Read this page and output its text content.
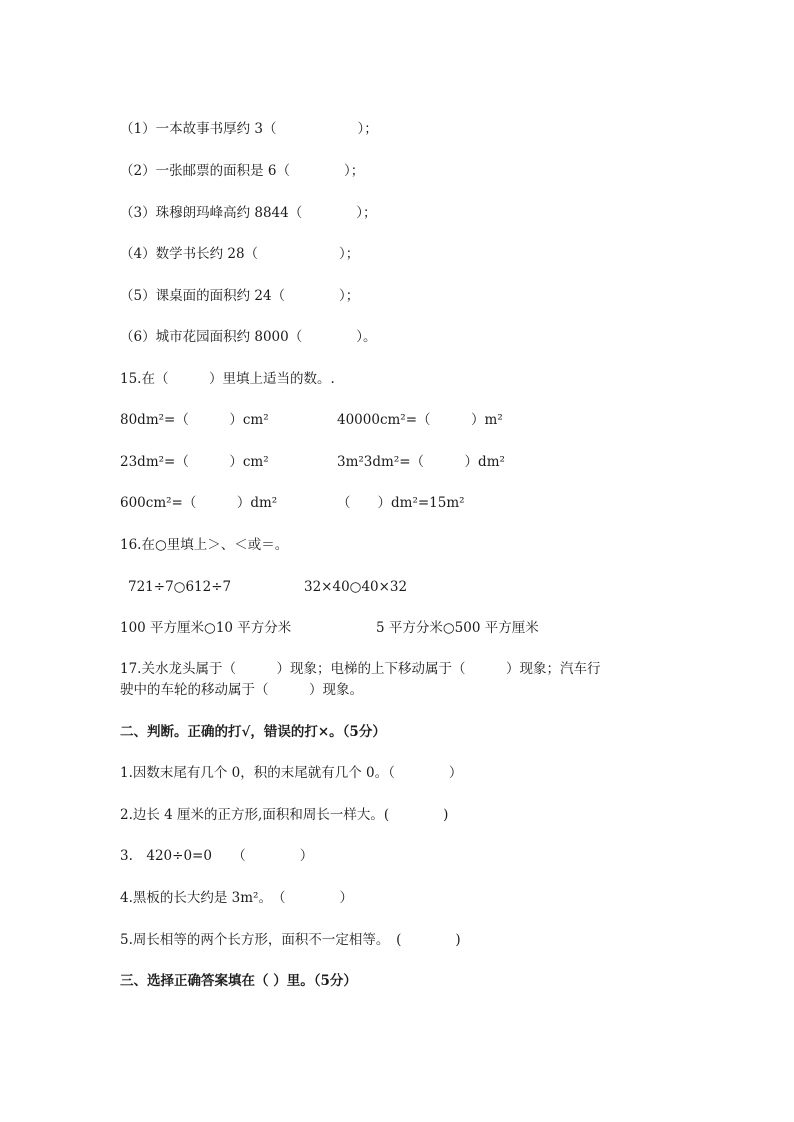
（1）一本故事书厚约 3（　　　　　　）；
（2）一张邮票的面积是 6（　　　　）；
（3）珠穆朗玛峰高约 8844（　　　　）；
（4）数学书长约 28（　　　　　　）；
（5）课桌面的面积约 24（　　　　）；
（6）城市花园面积约 8000（　　　　）。
15.在（　　　）里填上适当的数。.
80dm²=（　　　）cm²	40000cm²=（　　　）m²
23dm²=（　　　）cm²	3m²3dm²=（　　　）dm²
600cm²=（　　　）dm²	（　　）dm²=15m²
16.在○里填上＞、＜或＝。
721÷7○612÷7	32×40○40×32
100 平方厘米○10 平方分米	5 平方分米○500 平方厘米
17.关水龙头属于（　　　）现象；电梯的上下移动属于（　　　）现象；汽车行
驶中的车轮的移动属于（　　　）现象。
二、判断。正确的打√，错误的打×。（5分）
1.因数末尾有几个 0，积的末尾就有几个 0。（　　　　）
2.边长 4 厘米的正方形,面积和周长一样大。(　　　　)
3.　420÷0=0　　（　　　　）
4.黑板的长大约是 3m²。　（　　　　）
5.周长相等的两个长方形，面积不一定相等。　(　　　　)
三、选择正确答案填在（ ）里。（5分）
